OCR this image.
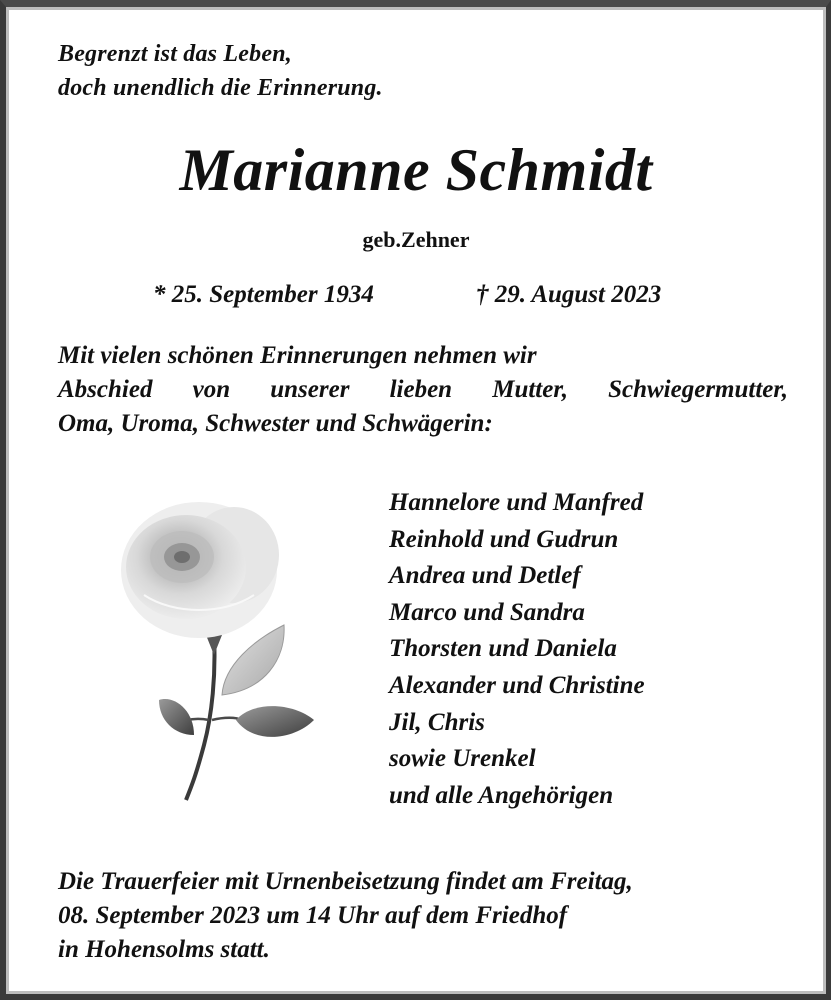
Begrenzt ist das Leben,
doch unendlich die Erinnerung.
Marianne Schmidt
geb.Zehner
* 25. September 1934	† 29. August 2023
Mit vielen schönen Erinnerungen nehmen wir
Abschied von unserer lieben Mutter, Schwiegermutter,
Oma, Uroma, Schwester und Schwägerin:
Hannelore und Manfred
Reinhold und Gudrun
Andrea und Detlef
Marco und Sandra
Thorsten und Daniela
Alexander und Christine
Jil, Chris
sowie Urenkel
und alle Angehörigen
Die Trauerfeier mit Urnenbeisetzung findet am Freitag,
08. September 2023 um 14 Uhr auf dem Friedhof
in Hohensolms statt.
